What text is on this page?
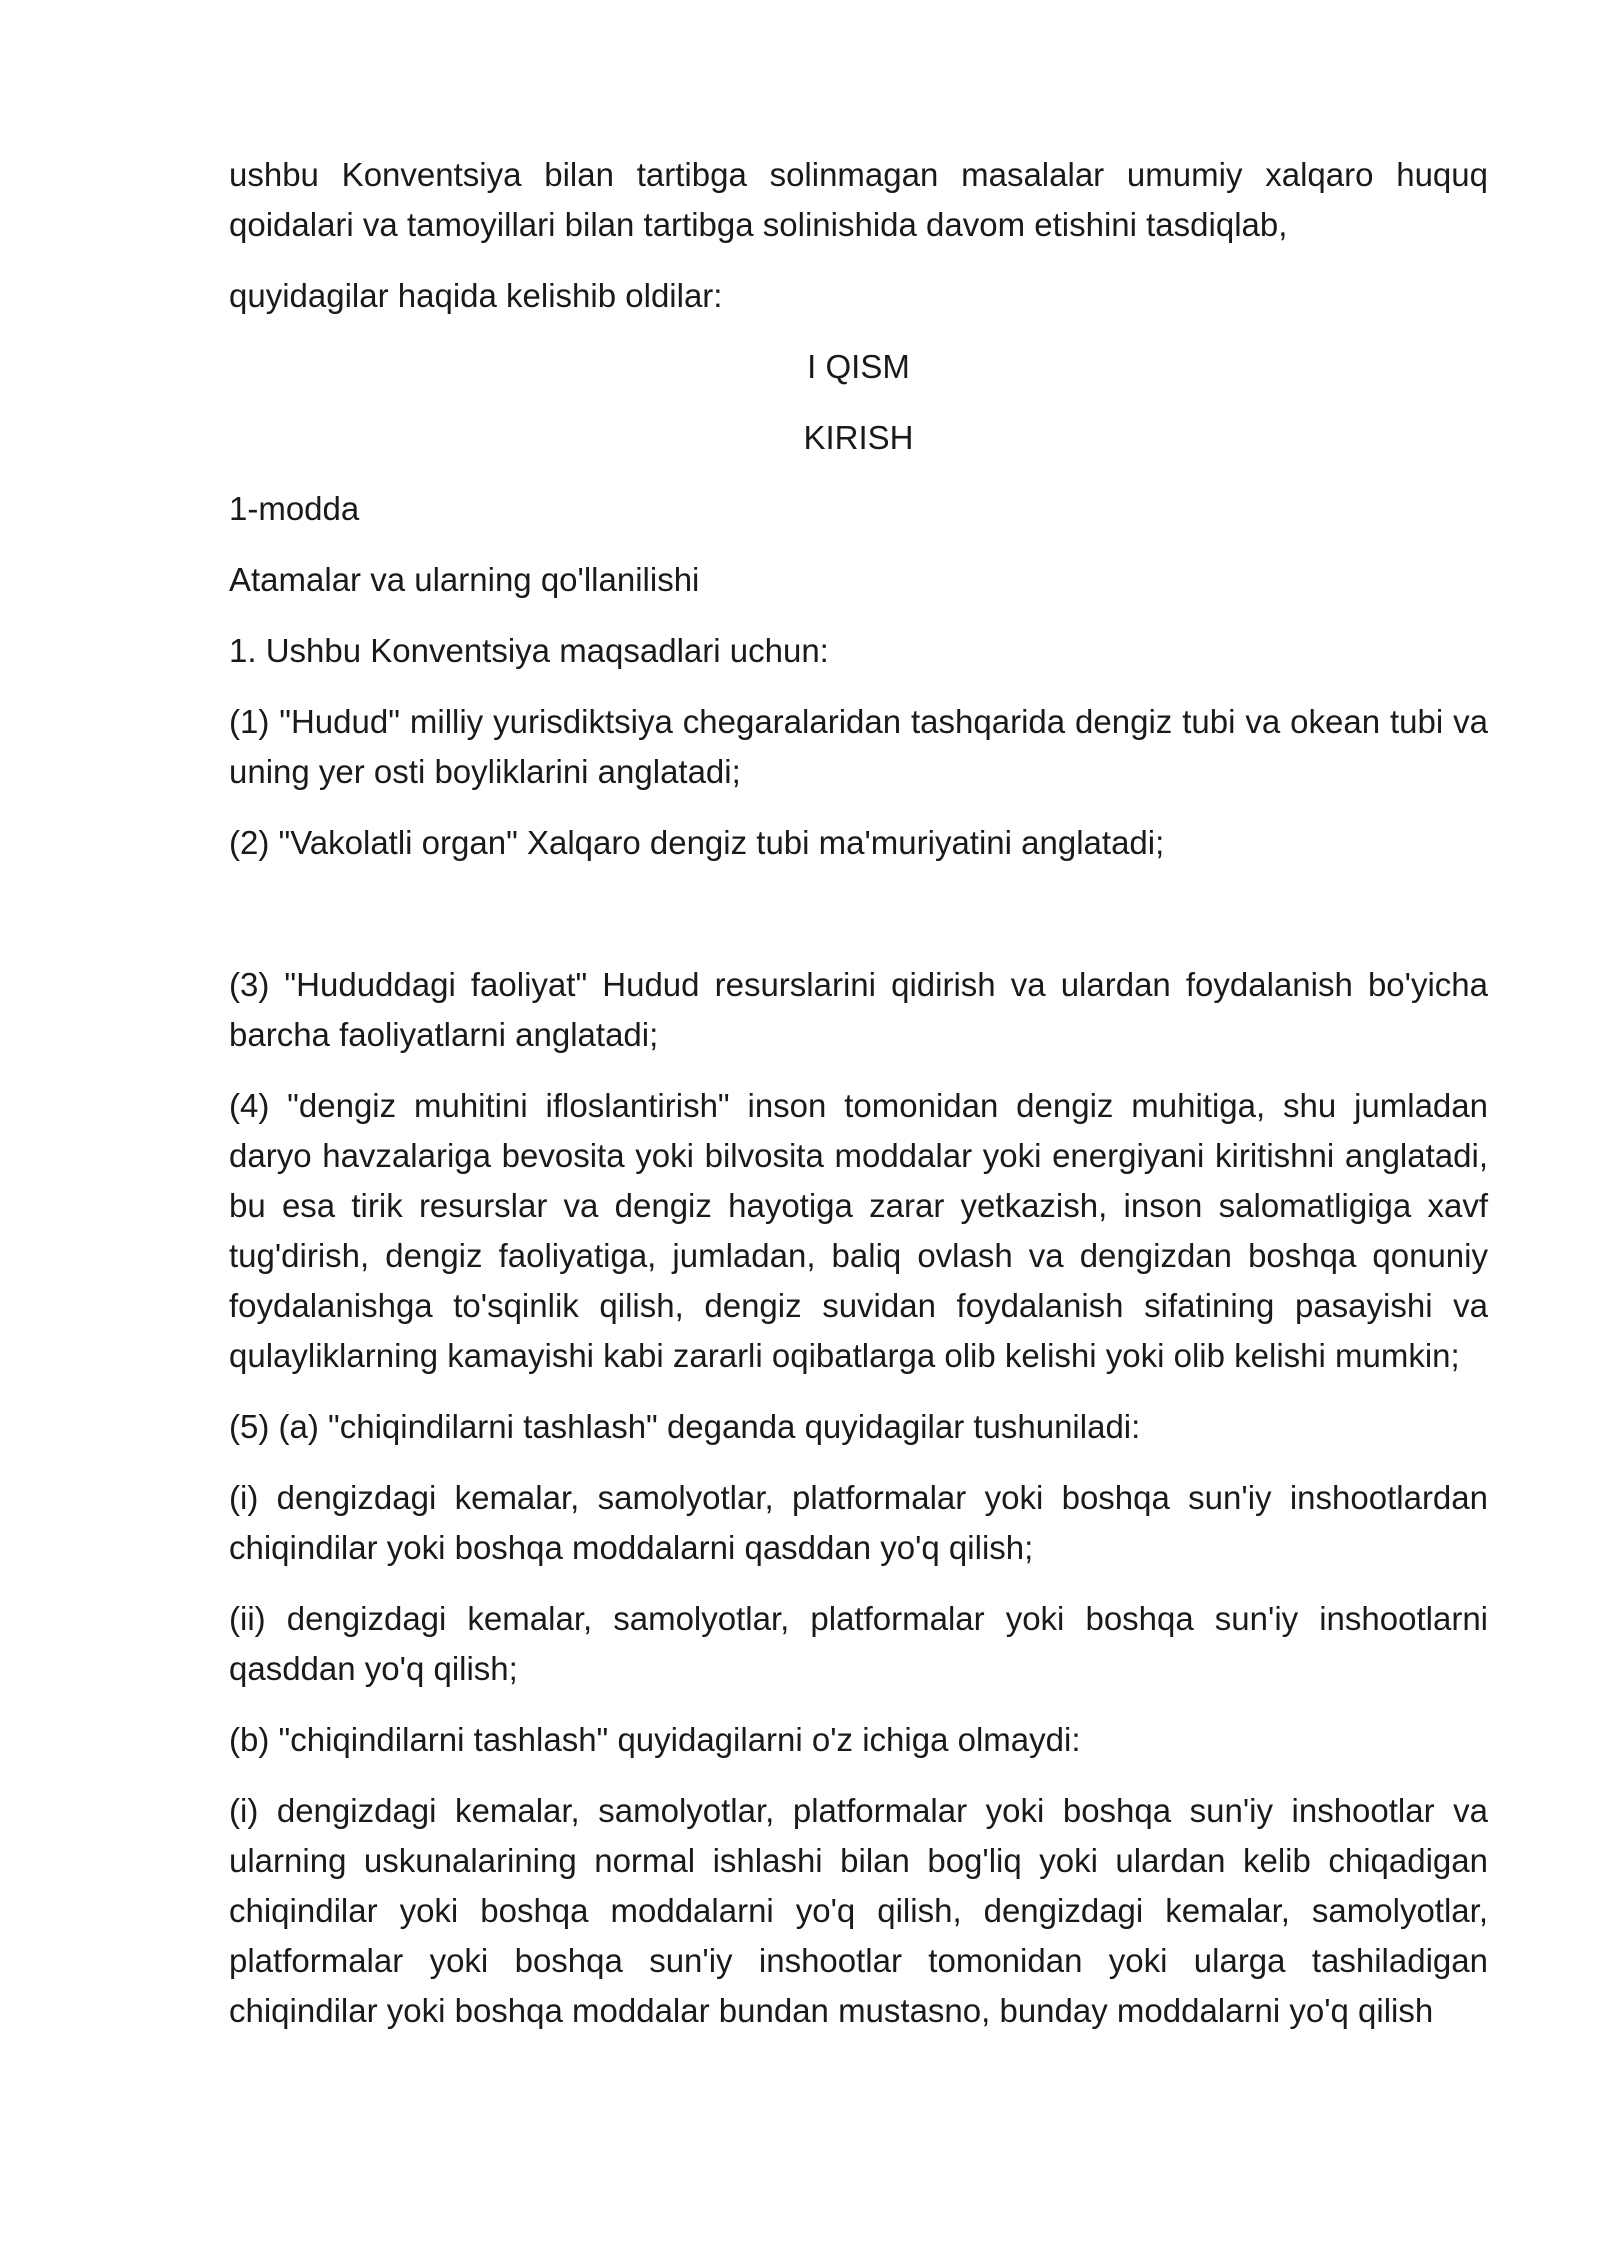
ushbu Konventsiya bilan tartibga solinmagan masalalar umumiy xalqaro huquq qoidalari va tamoyillari bilan tartibga solinishida davom etishini tasdiqlab,

quyidagilar haqida kelishib oldilar:

I QISM

KIRISH

1-modda

Atamalar va ularning qo'llanilishi

1. Ushbu Konventsiya maqsadlari uchun:

(1) "Hudud" milliy yurisdiktsiya chegaralaridan tashqarida dengiz tubi va okean tubi va uning yer osti boyliklarini anglatadi;

(2) "Vakolatli organ" Xalqaro dengiz tubi ma'muriyatini anglatadi;

(3) "Hududdagi faoliyat" Hudud resurslarini qidirish va ulardan foydalanish bo'yicha barcha faoliyatlarni anglatadi;

(4) "dengiz muhitini ifloslantirish" inson tomonidan dengiz muhitiga, shu jumladan daryo havzalariga bevosita yoki bilvosita moddalar yoki energiyani kiritishni anglatadi, bu esa tirik resurslar va dengiz hayotiga zarar yetkazish, inson salomatligiga xavf tug'dirish, dengiz faoliyatiga, jumladan, baliq ovlash va dengizdan boshqa qonuniy foydalanishga to'sqinlik qilish, dengiz suvidan foydalanish sifatining pasayishi va qulayliklarning kamayishi kabi zararli oqibatlarga olib kelishi yoki olib kelishi mumkin;

(5) (a) "chiqindilarni tashlash" deganda quyidagilar tushuniladi:

(i) dengizdagi kemalar, samolyotlar, platformalar yoki boshqa sun'iy inshootlardan chiqindilar yoki boshqa moddalarni qasddan yo'q qilish;

(ii) dengizdagi kemalar, samolyotlar, platformalar yoki boshqa sun'iy inshootlarni qasddan yo'q qilish;

(b) "chiqindilarni tashlash" quyidagilarni o'z ichiga olmaydi:

(i) dengizdagi kemalar, samolyotlar, platformalar yoki boshqa sun'iy inshootlar va ularning uskunalarining normal ishlashi bilan bog'liq yoki ulardan kelib chiqadigan chiqindilar yoki boshqa moddalarni yo'q qilish, dengizdagi kemalar, samolyotlar, platformalar yoki boshqa sun'iy inshootlar tomonidan yoki ularga tashiladigan chiqindilar yoki boshqa moddalar bundan mustasno, bunday moddalarni yo'q qilish
